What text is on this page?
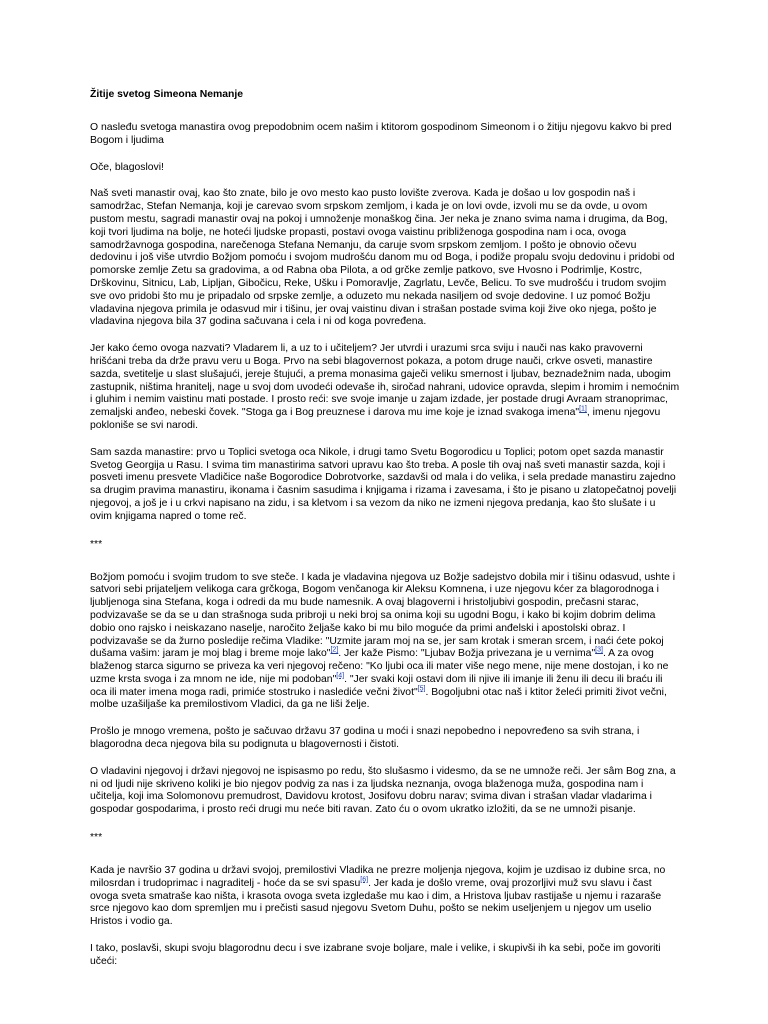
Žitije svetog Simeona Nemanje

O nasleđu svetoga manastira ovog prepodobnim ocem našim i ktitorom gospodinom Simeonom i o žitiju njegovu kakvo bi pred Bogom i ljudima

Oče, blagoslovi!

Naš sveti manastir ovaj, kao što znate, bilo je ovo mesto kao pusto lovište zverova. Kada je došao u lov gospodin naš i samodržac, Stefan Nemanja, koji je carevao svom srpskom zemljom, i kada je on lovi ovde, izvoli mu se da ovde, u ovom pustom mestu, sagradi manastir ovaj na pokoj i umnoženje monaškog čina. Jer neka je znano svima nama i drugima, da Bog, koji tvori ljudima na bolje, ne hoteći ljudske propasti, postavi ovoga vaistinu približenoga gospodina nam i oca, ovoga samodržavnoga gospodina, narečenoga Stefana Nemanju, da caruje svom srpskom zemljom. I pošto je obnovio očevu dedovinu i još više utvrdio Božjom pomoću i svojom mudrošću danom mu od Boga, i podiže propalu svoju dedovinu i pridobi od pomorske zemlje Zetu sa gradovima, a od Rabna oba Pilota, a od grčke zemlje patkovo, sve Hvosno i Podrimlje, Kostrc, Drškovinu, Sitnicu, Lab, Lipljan, Gibočicu, Reke, Ušku i Pomoravlje, Zagrlatu, Levče, Belicu. To sve mudrošću i trudom svojim sve ovo pridobi što mu je pripadalo od srpske zemlje, a oduzeto mu nekada nasiljem od svoje dedovine. I uz pomoć Božju vladavina njegova primila je odasvud mir i tišinu, jer ovaj vaistinu divan i strašan postade svima koji žive oko njega, pošto je vladavina njegova bila 37 godina sačuvana i cela i ni od koga povređena.

Jer kako ćemo ovoga nazvati? Vladarem li, a uz to i učiteljem? Jer utvrdi i urazumi srca sviju i nauči nas kako pravoverni hrišćani treba da drže pravu veru u Boga. Prvo na sebi blagovernost pokaza, a potom druge nauči, crkve osveti, manastire sazda, svetitelje u slast slušajući, jereje štujući, a prema monasima gaječi veliku smernost i ljubav, beznadežnim nada, ubogim zastupnik, ništima hranitelj, nage u svoj dom uvodeći odevaše ih, siročad nahrani, udovice opravda, slepim i hromim i nemoćnim i gluhim i nemim vaistinu mati postade. I prosto reći: sve svoje imanje u zajam izdade, jer postade drugi Avraam stranoprimac, zemaljski anđeo, nebeski čovek. "Stoga ga i Bog preuznese i darova mu ime koje je iznad svakoga imena"[1], imenu njegovu pokloniše se svi narodi.

Sam sazda manastire: prvo u Toplici svetoga oca Nikole, i drugi tamo Svetu Bogorodicu u Toplici; potom opet sazda manastir Svetog Georgija u Rasu. I svima tim manastirima satvori upravu kao što treba. A posle tih ovaj naš sveti manastir sazda, koji i posveti imenu presvete Vladičice naše Bogorodice Dobrotvorke, sazdavši od mala i do velika, i sela predade manastiru zajedno sa drugim pravima manastiru, ikonama i časnim sasudima i knjigama i rizama i zavesama, i što je pisano u zlatopečatnoj povelji njegovoj, a još je i u crkvi napisano na zidu, i sa kletvom i sa vezom da niko ne izmeni njegova predanja, kao što slušate i u ovim knjigama napred o tome reč.

***

Božjom pomoću i svojim trudom to sve steče. I kada je vladavina njegova uz Božje sadejstvo dobila mir i tišinu odasvud, ushte i satvori sebi prijateljem velikoga cara grčkoga, Bogom venčanoga kir Aleksu Komnena, i uze njegovu kćer za blagorodnoga i ljubljenoga sina Stefana, koga i odredi da mu bude namesnik. A ovaj blagoverni i hristoljubivi gospodin, prečasni starac, podvizavaše se da se u dan strašnoga suda pribroji u neki broj sa onima koji su ugodni Bogu, i kako bi kojim dobrim delima dobio ono rajsko i neiskazano naselje, naročito željaše kako bi mu bilo moguće da primi anđelski i apostolski obraz. I podvizavaše se da žurno posledije rečima Vladike: "Uzmite jaram moj na se, jer sam krotak i smeran srcem, i naći ćete pokoj dušama vašim: jaram je moj blag i breme moje lako"[2]. Jer kaže Pismo: "Ljubav Božja privezana je u vernima"[3]. A za ovog blaženog starca sigurno se priveza ka veri njegovoj rečeno: "Ko ljubi oca ili mater više nego mene, nije mene dostojan, i ko ne uzme krsta svoga i za mnom ne ide, nije mi podoban"[4]. "Jer svaki koji ostavi dom ili njive ili imanje ili ženu ili decu ili braću ili oca ili mater imena moga radi, primiće stostruko i naslediće večni život"[5]. Bogoljubni otac naš i ktitor želeći primiti život večni, molbe uzašiljaše ka premilostivom Vladici, da ga ne liši želje.

Prošlo je mnogo vremena, pošto je sačuvao državu 37 godina u moći i snazi nepobedno i nepovređeno sa svih strana, i blagorodna deca njegova bila su podignuta u blagovernosti i čistoti.

O vladavini njegovoj i državi njegovoj ne ispisasmo po redu, što slušasmo i videsmo, da se ne umnože reči. Jer sâm Bog zna, a ni od ljudi nije skriveno koliki je bio njegov podvig za nas i za ljudska neznanja, ovoga blaženoga muža, gospodina nam i učitelja, koji ima Solomonovu premudrost, Davidovu krotost, Josifovu dobru narav; svima divan i strašan vladar vladarima i gospodar gospodarima, i prosto reći drugi mu neće biti ravan. Zato ću o ovom ukratko izložiti, da se ne umnoži pisanje.

***

Kada je navršio 37 godina u državi svojoj, premilostivi Vladika ne prezre moljenja njegova, kojim je uzdisao iz dubine srca, no milosrdan i trudoprimac i nagraditelj - hoće da se svi spasu[6]. Jer kada je došlo vreme, ovaj prozorljivi muž svu slavu i čast ovoga sveta smatraše kao ništa, i krasota ovoga sveta izgledaše mu kao i dim, a Hristova ljubav rastijaše u njemu i razaraše srce njegovo kao dom spremljen mu i prečisti sasud njegovu Svetom Duhu, pošto se nekim useljenjem u njegov um uselio Hristos i vodio ga.

I tako, poslavši, skupi svoju blagorodnu decu i sve izabrane svoje boljare, male i velike, i skupivši ih ka sebi, poče im govoriti učeći:
